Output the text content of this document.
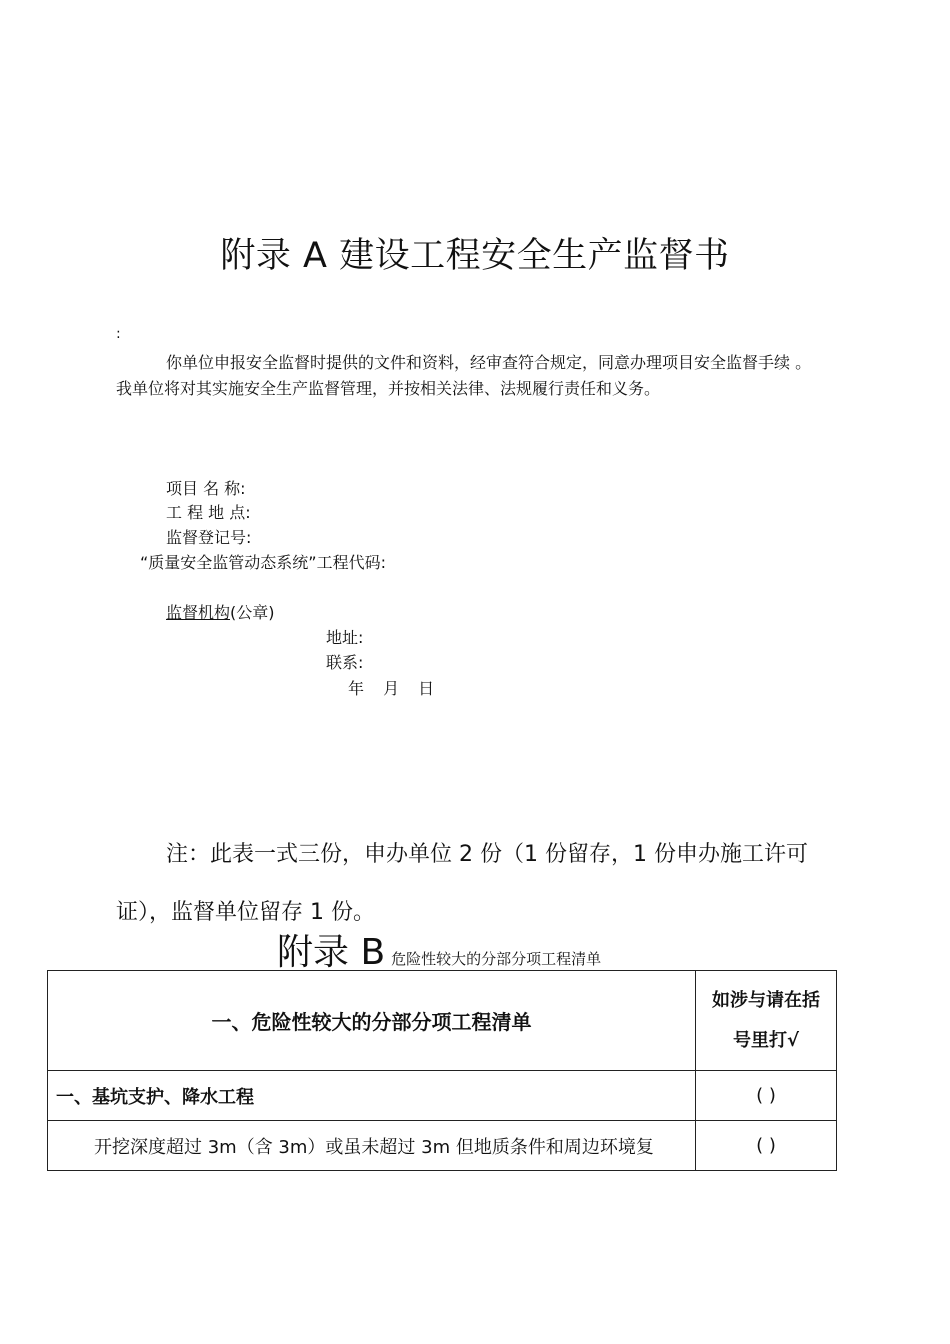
附录 A 建设工程安全生产监督书
:
你单位申报安全监督时提供的文件和资料，经审查符合规定，同意办理项目安全监督手续 。
我单位将对其实施安全生产监督管理，并按相关法律、法规履行责任和义务。
项目 名 称:
工 程 地 点:
监督登记号:
“质量安全监管动态系统”工程代码:
监督机构(公章)
地址:
联系:
年 月 日
注：此表一式三份，申办单位 2 份（1 份留存，1 份申办施工许可
证），监督单位留存 1 份。
附录 B 危险性较大的分部分项工程清单
一、危险性较大的分部分项工程清单	如涉与请在括
号里打√

一、基坑支护、降水工程	( )
开挖深度超过 3m（含 3m）或虽未超过 3m 但地质条件和周边环境复	( )
